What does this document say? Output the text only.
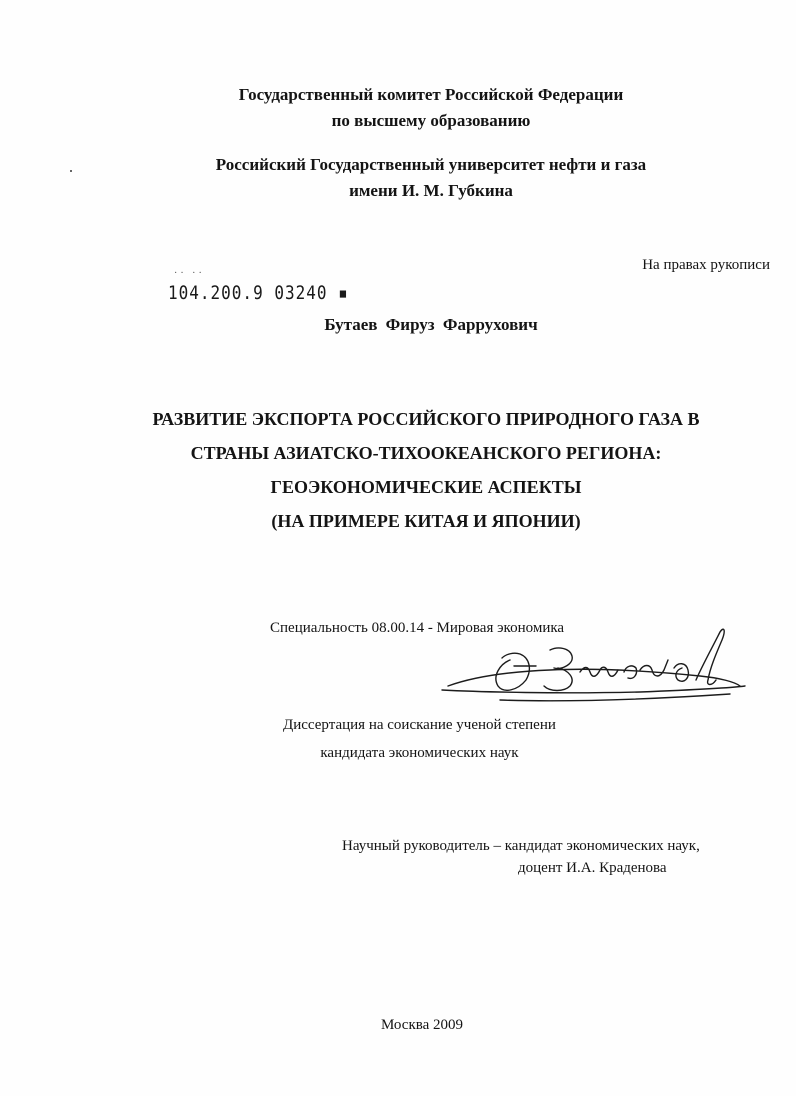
Государственный комитет Российской Федерации
по высшему образованию
Российский Государственный университет нефти и газа
имени И. М. Губкина
На правах рукописи
·· ··
104.200.9 03240 ▪
Бутаев Фируз Фаррухович
РАЗВИТИЕ ЭКСПОРТА РОССИЙСКОГО ПРИРОДНОГО ГАЗА В
СТРАНЫ АЗИАТСКО-ТИХООКЕАНСКОГО РЕГИОНА:
ГЕОЭКОНОМИЧЕСКИЕ АСПЕКТЫ
(НА ПРИМЕРЕ КИТАЯ И ЯПОНИИ)
Специальность 08.00.14 - Мировая экономика
Диссертация на соискание ученой степени
кандидата экономических наук
Научный руководитель – кандидат экономических наук,
доцент И.А. Краденова
Москва 2009
